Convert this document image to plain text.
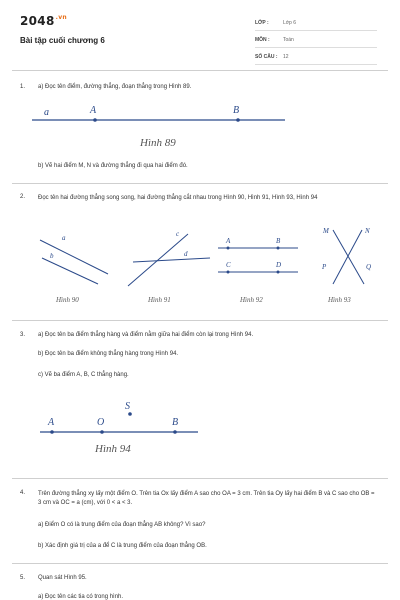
$2048^{.vn}$
Bài tập cuối chương 6
LỚP :	Lớp 6
MÔN :	Toán
SỐ CÂU :	12
1. a) Đọc tên điểm, đường thẳng, đoạn thẳng trong Hình 89.
a	A	B
Hình 89
b) Vẽ hai điểm M, N và đường thẳng đi qua hai điểm đó.
2. Đọc tên hai đường thẳng song song, hai đường thẳng cắt nhau trong Hình 90, Hình 91, Hình 93, Hình 94
a
b
Hình 90
c
d
Hình 91
A	B
C	D
Hình 92
M	N
P	Q
Hình 93
3. a) Đọc tên ba điểm thẳng hàng và điểm nằm giữa hai điểm còn lại trong Hình 94.
b) Đọc tên ba điểm không thẳng hàng trong Hình 94.
c) Vẽ ba điểm A, B, C thẳng hàng.
A	O
S
B
Hình 94
4. Trên đường thẳng xy lấy một điểm O. Trên tia Ox lấy điểm A sao cho OA = 3 cm. Trên tia Oy lấy hai điểm B và C sao cho OB = 3 cm và OC = a (cm), với 0 < a < 3.
a) Điểm O có là trung điểm của đoạn thẳng AB không? Vì sao?
b) Xác định giá trị của a để C là trung điểm của đoạn thẳng OB.
5. Quan sát Hình 95.
a) Đọc tên các tia có trong hình.
